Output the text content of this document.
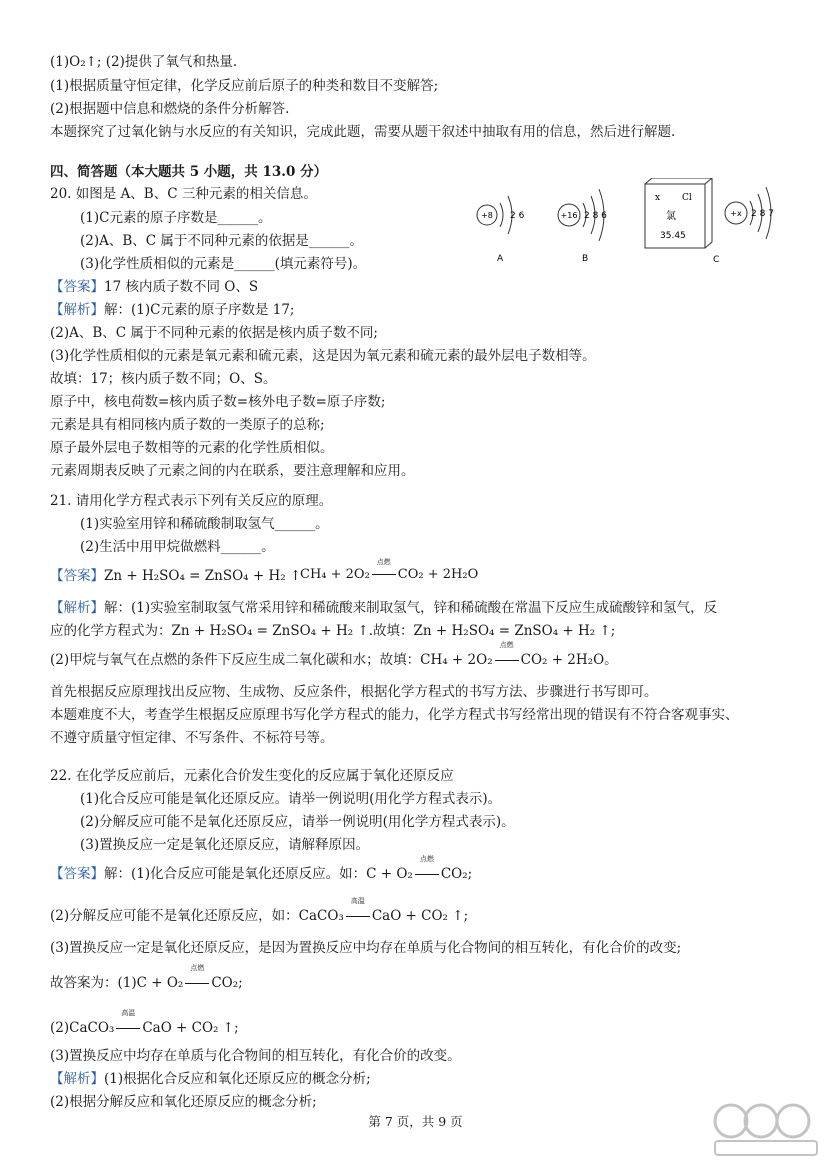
(1)O₂↑; (2)提供了氧气和热量.
(1)根据质量守恒定律，化学反应前后原子的种类和数目不变解答;
(2)根据题中信息和燃烧的条件分析解答.
本题探究了过氧化钠与水反应的有关知识，完成此题，需要从题干叙述中抽取有用的信息，然后进行解题.
四、简答题（本大题共 5 小题，共 13.0 分）
20. 如图是 A、B、C 三种元素的相关信息。
(1)C元素的原子序数是______。
(2)A、B、C 属于不同种元素的依据是______。
(3)化学性质相似的元素是______(填元素符号)。
【答案】17 核内质子数不同 O、S
【解析】解：(1)C元素的原子序数是 17;
(2)A、B、C 属于不同种元素的依据是核内质子数不同;
(3)化学性质相似的元素是氧元素和硫元素，这是因为氧元素和硫元素的最外层电子数相等。
故填：17；核内质子数不同；O、S。
原子中，核电荷数=核内质子数=核外电子数=原子序数;
元素是具有相同核内质子数的一类原子的总称;
原子最外层电子数相等的元素的化学性质相似。
元素周期表反映了元素之间的内在联系，要注意理解和应用。
+8 2 6
A
+16 2 8 6
B
x Cl
氯
35.45
+x 2 8 7
C
21. 请用化学方程式表示下列有关反应的原理。
(1)实验室用锌和稀硫酸制取氢气______。
(2)生活中用甲烷做燃料______。
【答案】Zn + H₂SO₄ = ZnSO₄ + H₂ ↑
CH₄ + 2O₂
点燃
CO₂ + 2H₂O
【解析】解：(1)实验室制取氢气常采用锌和稀硫酸来制取氢气，锌和稀硫酸在常温下反应生成硫酸锌和氢气，反
应的化学方程式为：Zn + H₂SO₄ = ZnSO₄ + H₂ ↑.故填：Zn + H₂SO₄ = ZnSO₄ + H₂ ↑;
(2)甲烷与氧气在点燃的条件下反应生成二氧化碳和水；故填：CH₄ + 2O₂
点燃
CO₂ + 2H₂O。
首先根据反应原理找出反应物、生成物、反应条件，根据化学方程式的书写方法、步骤进行书写即可。
本题难度不大，考查学生根据反应原理书写化学方程式的能力，化学方程式书写经常出现的错误有不符合客观事实、
不遵守质量守恒定律、不写条件、不标符号等。
22. 在化学反应前后，元素化合价发生变化的反应属于氧化还原反应
(1)化合反应可能是氧化还原反应。请举一例说明(用化学方程式表示)。
(2)分解反应可能不是氧化还原反应，请举一例说明(用化学方程式表示)。
(3)置换反应一定是氧化还原反应，请解释原因。
【答案】解：(1)化合反应可能是氧化还原反应。如：C + O₂
点燃
CO₂;
(2)分解反应可能不是氧化还原反应，如：CaCO₃
高温
CaO + CO₂ ↑;
(3)置换反应一定是氧化还原反应，是因为置换反应中均存在单质与化合物间的相互转化，有化合价的改变;
故答案为：(1)C + O₂
点燃
CO₂;
(2)CaCO₃
高温
CaO + CO₂ ↑;
(3)置换反应中均存在单质与化合物间的相互转化，有化合价的改变。
【解析】(1)根据化合反应和氧化还原反应的概念分析;
(2)根据分解反应和氧化还原反应的概念分析;
第 7 页，共 9 页
